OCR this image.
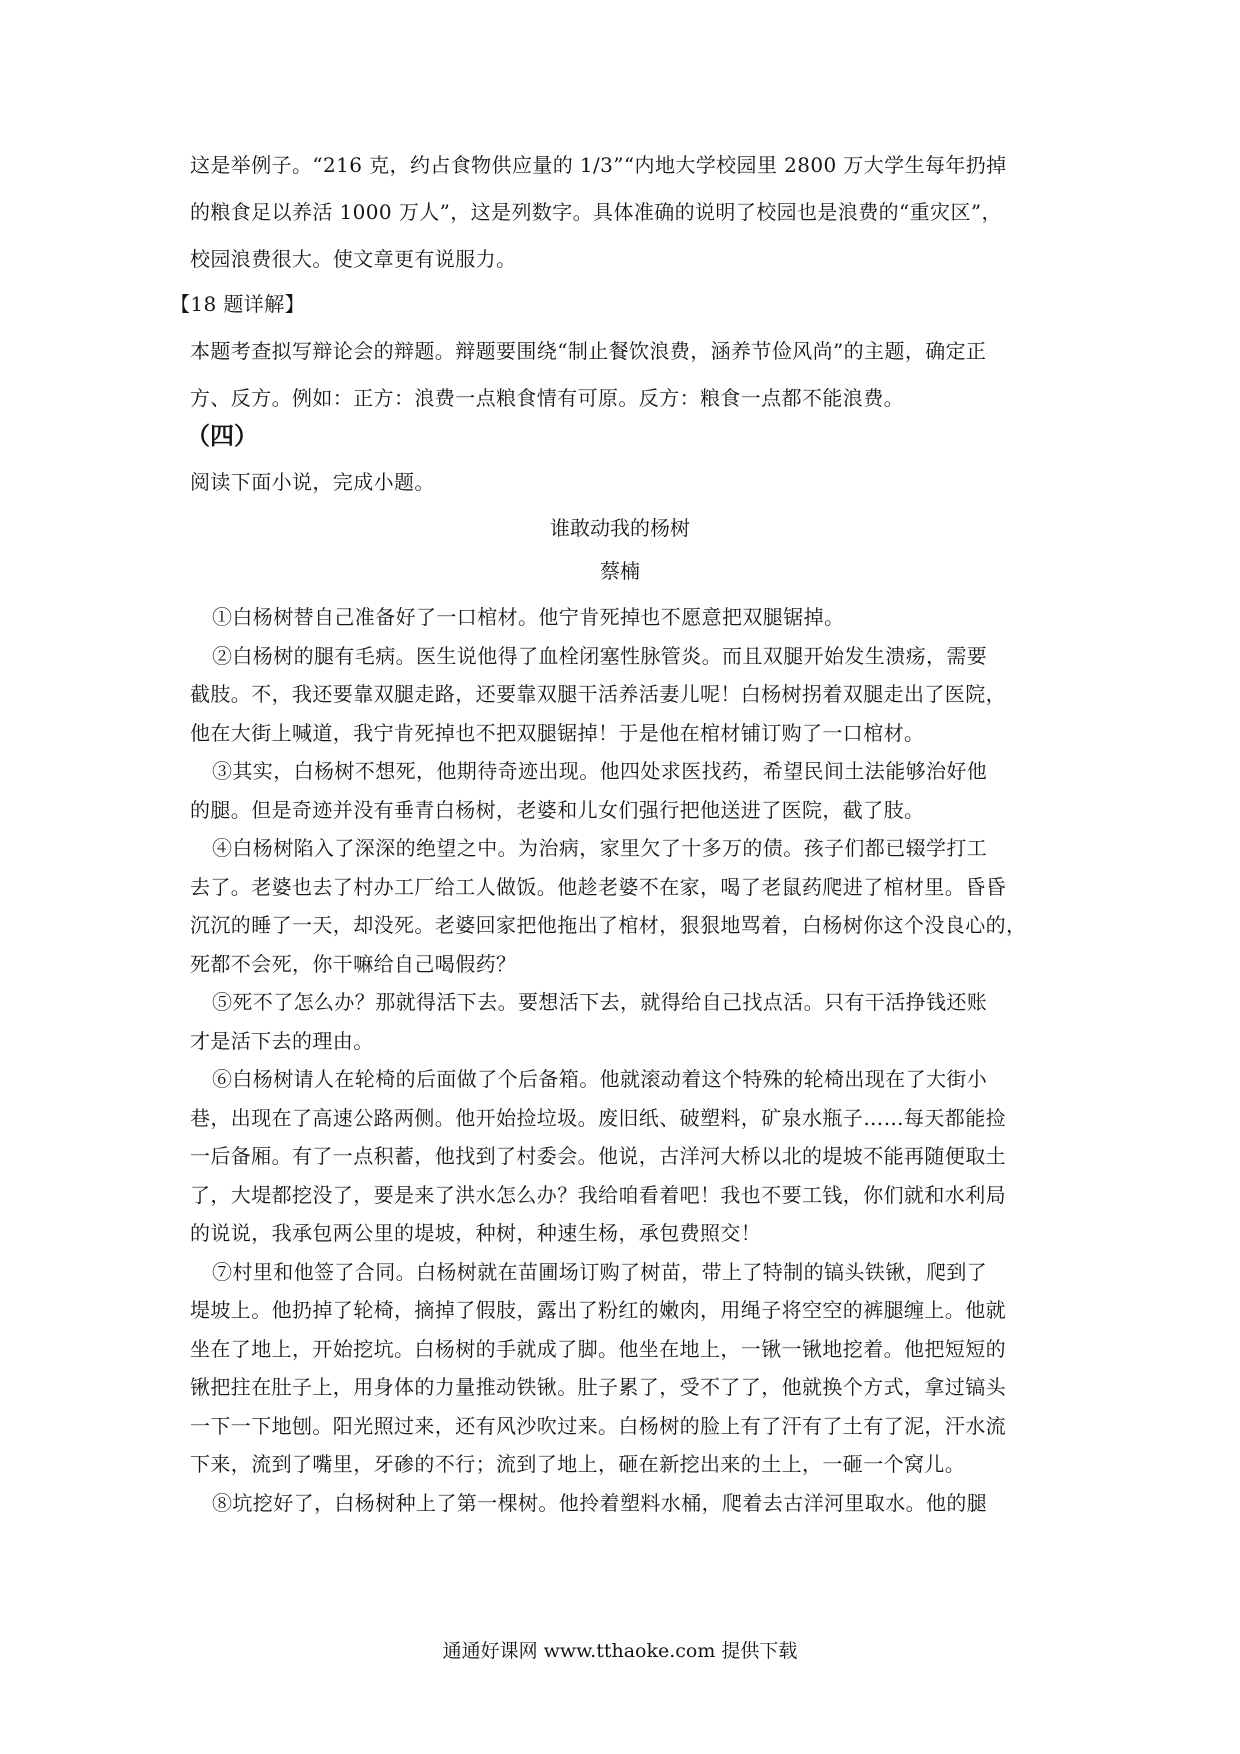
这是举例子。“216 克，约占食物供应量的 1/3”“内地大学校园里 2800 万大学生每年扔掉
的粮食足以养活 1000 万人”，这是列数字。具体准确的说明了校园也是浪费的“重灾区”，
校园浪费很大。使文章更有说服力。
【18 题详解】
本题考查拟写辩论会的辩题。辩题要围绕“制止餐饮浪费，涵养节俭风尚”的主题，确定正
方、反方。例如：正方：浪费一点粮食情有可原。反方：粮食一点都不能浪费。
（四）
阅读下面小说，完成小题。
谁敢动我的杨树
蔡楠
①白杨树替自己准备好了一口棺材。他宁肯死掉也不愿意把双腿锯掉。
②白杨树的腿有毛病。医生说他得了血栓闭塞性脉管炎。而且双腿开始发生溃疡，需要
截肢。不，我还要靠双腿走路，还要靠双腿干活养活妻儿呢！白杨树拐着双腿走出了医院，
他在大街上喊道，我宁肯死掉也不把双腿锯掉！于是他在棺材铺订购了一口棺材。
③其实，白杨树不想死，他期待奇迹出现。他四处求医找药，希望民间土法能够治好他
的腿。但是奇迹并没有垂青白杨树，老婆和儿女们强行把他送进了医院，截了肢。
④白杨树陷入了深深的绝望之中。为治病，家里欠了十多万的债。孩子们都已辍学打工
去了。老婆也去了村办工厂给工人做饭。他趁老婆不在家，喝了老鼠药爬进了棺材里。昏昏
沉沉的睡了一天，却没死。老婆回家把他拖出了棺材，狠狠地骂着，白杨树你这个没良心的，
死都不会死，你干嘛给自己喝假药？
⑤死不了怎么办？那就得活下去。要想活下去，就得给自己找点活。只有干活挣钱还账
才是活下去的理由。
⑥白杨树请人在轮椅的后面做了个后备箱。他就滚动着这个特殊的轮椅出现在了大街小
巷，出现在了高速公路两侧。他开始捡垃圾。废旧纸、破塑料，矿泉水瓶子……每天都能捡
一后备厢。有了一点积蓄，他找到了村委会。他说，古洋河大桥以北的堤坡不能再随便取土
了，大堤都挖没了，要是来了洪水怎么办？我给咱看着吧！我也不要工钱，你们就和水利局
的说说，我承包两公里的堤坡，种树，种速生杨，承包费照交！
⑦村里和他签了合同。白杨树就在苗圃场订购了树苗，带上了特制的镐头铁锹，爬到了
堤坡上。他扔掉了轮椅，摘掉了假肢，露出了粉红的嫩肉，用绳子将空空的裤腿缠上。他就
坐在了地上，开始挖坑。白杨树的手就成了脚。他坐在地上，一锹一锹地挖着。他把短短的
锹把拄在肚子上，用身体的力量推动铁锹。肚子累了，受不了了，他就换个方式，拿过镐头
一下一下地刨。阳光照过来，还有风沙吹过来。白杨树的脸上有了汗有了土有了泥，汗水流
下来，流到了嘴里，牙碜的不行；流到了地上，砸在新挖出来的土上，一砸一个窝儿。
⑧坑挖好了，白杨树种上了第一棵树。他拎着塑料水桶，爬着去古洋河里取水。他的腿
通通好课网 www.tthaoke.com 提供下载
